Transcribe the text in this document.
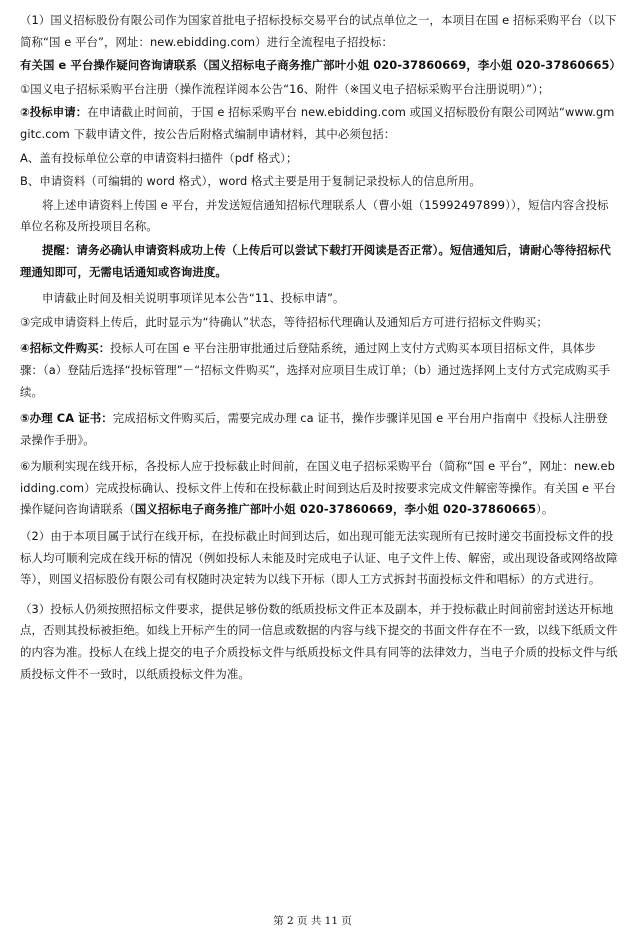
（1）国义招标股份有限公司作为国家首批电子招标投标交易平台的试点单位之一，本项目在国 e 招标采购平台（以下简称“国 e 平台”，网址：new.ebidding.com）进行全流程电子招投标：

有关国 e 平台操作疑问咨询请联系（国义招标电子商务推广部叶小姐 020-37860669，李小姐 020-37860665）

①国义电子招标采购平台注册（操作流程详阅本公告“16、附件（※国义电子招标采购平台注册说明）”）；

②投标申请：在申请截止时间前，于国 e 招标采购平台 new.ebidding.com 或国义招标股份有限公司网站“www.gmgitc.com 下载申请文件，按公告后附格式编制申请材料，其中必须包括：

A、盖有投标单位公章的申请资料扫描件（pdf 格式）；

B、申请资料（可编辑的 word 格式），word 格式主要是用于复制记录投标人的信息所用。

将上述申请资料上传国 e 平台，并发送短信通知招标代理联系人（曹小姐（15992497899）），短信内容含投标单位名称及所投项目名称。

提醒：请务必确认申请资料成功上传（上传后可以尝试下载打开阅读是否正常）。短信通知后，请耐心等待招标代理通知即可，无需电话通知或咨询进度。

申请截止时间及相关说明事项详见本公告“11、投标申请”。

③完成申请资料上传后，此时显示为“待确认”状态，等待招标代理确认及通知后方可进行招标文件购买；

④招标文件购买：投标人可在国 e 平台注册审批通过后登陆系统，通过网上支付方式购买本项目招标文件，具体步骤：（a）登陆后选择“投标管理”－“招标文件购买”，选择对应项目生成订单；（b）通过选择网上支付方式完成购买手续。

⑤办理 CA 证书：完成招标文件购买后，需要完成办理 ca 证书，操作步骤详见国 e 平台用户指南中《投标人注册登录操作手册》。

⑥为顺利实现在线开标，各投标人应于投标截止时间前，在国义电子招标采购平台（简称“国 e 平台”，网址：new.ebidding.com）完成投标确认、投标文件上传和在投标截止时间到达后及时按要求完成文件解密等操作。有关国 e 平台操作疑问咨询请联系（国义招标电子商务推广部叶小姐 020-37860669，李小姐 020-37860665）。

（2）由于本项目属于试行在线开标，在投标截止时间到达后，如出现可能无法实现所有已按时递交书面投标文件的投标人均可顺利完成在线开标的情况（例如投标人未能及时完成电子认证、电子文件上传、解密，或出现设备或网络故障等），则国义招标股份有限公司有权随时决定转为以线下开标（即人工方式拆封书面投标文件和唱标）的方式进行。

（3）投标人仍须按照招标文件要求，提供足够份数的纸质投标文件正本及副本，并于投标截止时间前密封送达开标地点，否则其投标被拒绝。如线上开标产生的同一信息或数据的内容与线下提交的书面文件存在不一致，以线下纸质文件的内容为准。投标人在线上提交的电子介质投标文件与纸质投标文件具有同等的法律效力，当电子介质的投标文件与纸质投标文件不一致时，以纸质投标文件为准。

第 2 页 共 11 页
